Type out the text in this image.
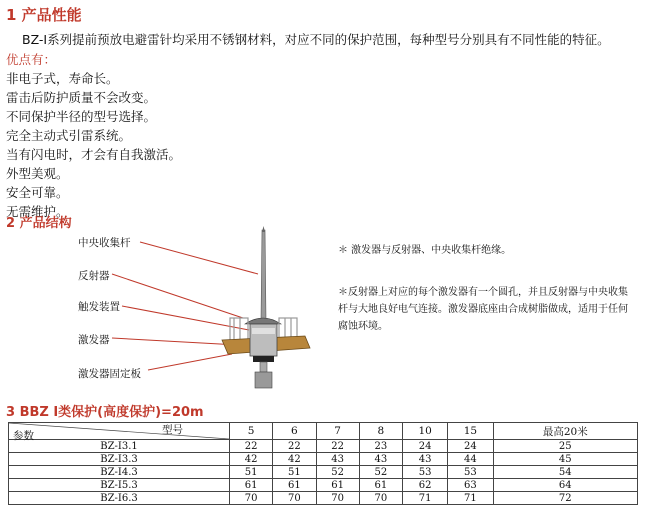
1 产品性能
BZ-Ⅰ系列提前预放电避雷针均采用不锈钢材料，对应不同的保护范围，每种型号分别具有不同性能的特征。
优点有：
非电子式，寿命长。
雷击后防护质量不会改变。
不同保护半径的型号选择。
完全主动式引雷系统。
当有闪电时，才会有自我激活。
外型美观。
安全可靠。
无需维护。
2 产品结构
中央收集杆
反射器
触发装置
激发器
激发器固定板
＊ 激发器与反射器、中央收集杆绝缘。
＊反射器上对应的每个激发器有一个圆孔，并且反射器与中央收集杆与大地良好电气连接。激发器底座由合成树脂做成，适用于任何腐蚀环境。
3 BBZ I类保护(高度保护)=20m
型号
参数	5	6	7	8	10	15	最高20米
BZ-Ⅰ3.1	22	22	22	23	24	24	25
BZ-Ⅰ3.3	42	42	43	43	43	44	45
BZ-Ⅰ4.3	51	51	52	52	53	53	54
BZ-Ⅰ5.3	61	61	61	61	62	63	64
BZ-Ⅰ6.3	70	70	70	70	71	71	72
